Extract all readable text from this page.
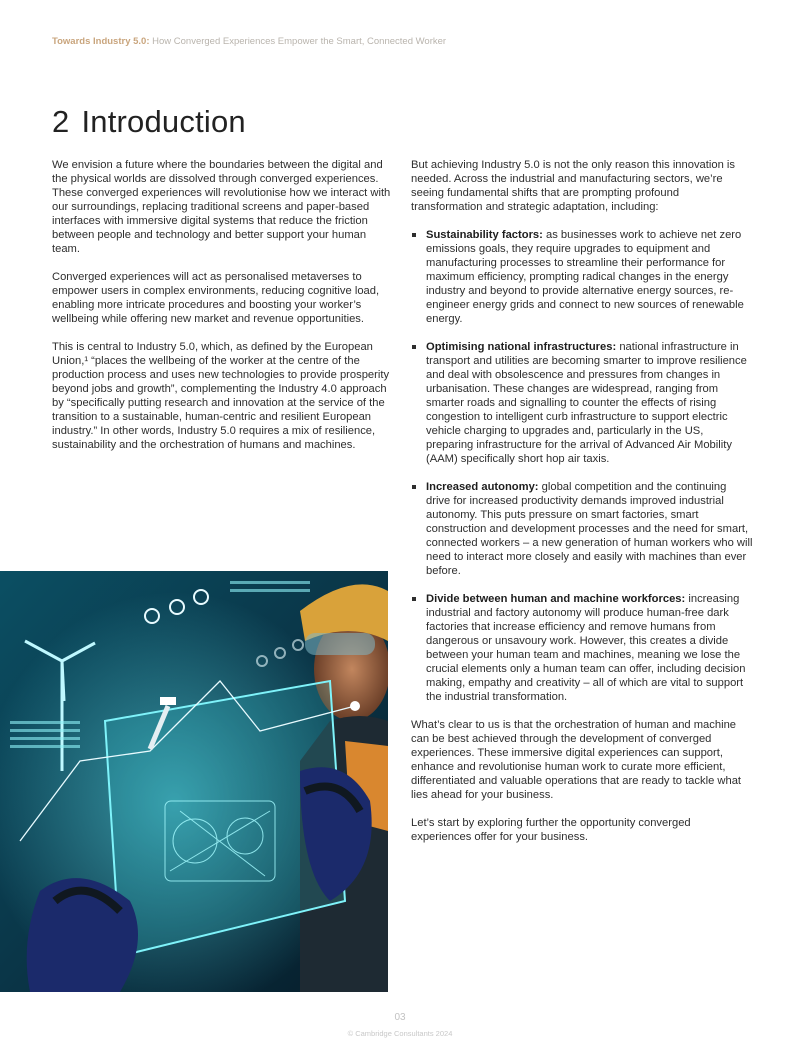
Towards Industry 5.0: How Converged Experiences Empower the Smart, Connected Worker
2 Introduction

We envision a future where the boundaries between the digital and the physical worlds are dissolved through converged experiences. These converged experiences will revolutionise how we interact with our surroundings, replacing traditional screens and paper-based interfaces with immersive digital systems that reduce the friction between people and technology and better support your human team.

Converged experiences will act as personalised metaverses to empower users in complex environments, reducing cognitive load, enabling more intricate procedures and boosting your worker’s wellbeing while offering new market and revenue opportunities.

This is central to Industry 5.0, which, as defined by the European Union,¹ “places the wellbeing of the worker at the centre of the production process and uses new technologies to provide prosperity beyond jobs and growth”, complementing the Industry 4.0 approach by “specifically putting research and innovation at the service of the transition to a sustainable, human-centric and resilient European industry.” In other words, Industry 5.0 requires a mix of resilience, sustainability and the orchestration of humans and machines.

But achieving Industry 5.0 is not the only reason this innovation is needed. Across the industrial and manufacturing sectors, we’re seeing fundamental shifts that are prompting profound transformation and strategic adaptation, including:

Sustainability factors: as businesses work to achieve net zero emissions goals, they require upgrades to equipment and manufacturing processes to streamline their performance for maximum efficiency, prompting radical changes in the energy industry and beyond to provide alternative energy sources, re-engineer energy grids and connect to new sources of renewable energy.
Optimising national infrastructures: national infrastructure in transport and utilities are becoming smarter to improve resilience and deal with obsolescence and pressures from changes in urbanisation. These changes are widespread, ranging from smarter roads and signalling to counter the effects of rising congestion to intelligent curb infrastructure to support electric vehicle charging to upgrades and, particularly in the US, preparing infrastructure for the arrival of Advanced Air Mobility (AAM) specifically short hop air taxis.
Increased autonomy: global competition and the continuing drive for increased productivity demands improved industrial autonomy. This puts pressure on smart factories, smart construction and development processes and the need for smart, connected workers – a new generation of human workers who will need to interact more closely and easily with machines than ever before.
Divide between human and machine workforces: increasing industrial and factory autonomy will produce human-free dark factories that increase efficiency and remove humans from dangerous or unsavoury work. However, this creates a divide between your human team and machines, meaning we lose the crucial elements only a human team can offer, including decision making, empathy and creativity – all of which are vital to support the industrial transformation.

What’s clear to us is that the orchestration of human and machine can be best achieved through the development of converged experiences. These immersive digital experiences can support, enhance and revolutionise human work to curate more efficient, differentiated and valuable operations that are ready to tackle what lies ahead for your business.

Let’s start by exploring further the opportunity converged experiences offer for your business.

03
© Cambridge Consultants 2024
